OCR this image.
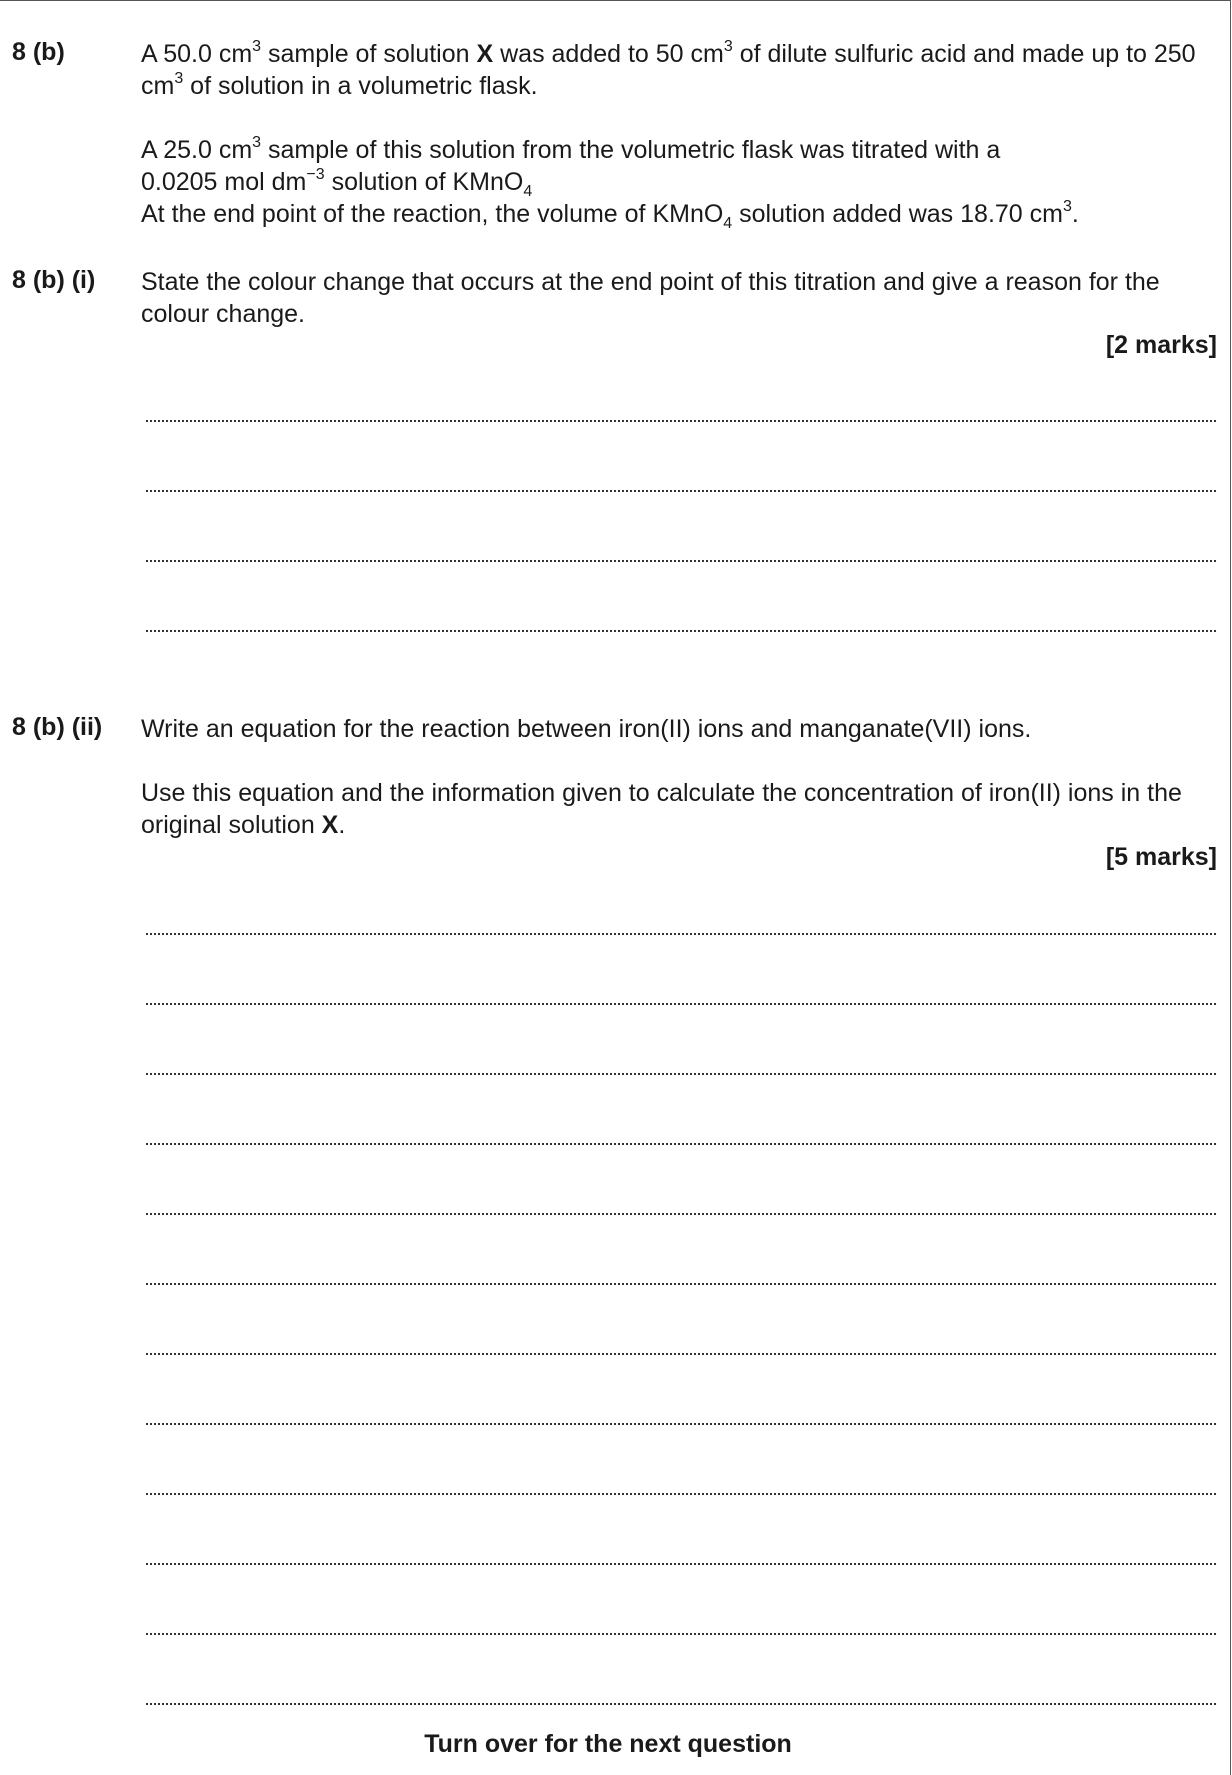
8 (b)	A 50.0 $cm^3$ sample of solution X was added to 50 $cm^3$ of dilute sulfuric acid and made up to 250 $cm^3$ of solution in a volumetric flask.
A 25.0 $cm^3$ sample of this solution from the volumetric flask was titrated with a
0.0205 mol $dm^{-3}$ solution of KMnO$_4$
At the end point of the reaction, the volume of KMnO$_4$ solution added was 18.70 $cm^3$.
8 (b) (i) State the colour change that occurs at the end point of this titration and give a reason for the colour change.
[2 marks]
8 (b) (ii) Write an equation for the reaction between iron(II) ions and manganate(VII) ions.
Use this equation and the information given to calculate the concentration of iron(II) ions in the original solution X.
[5 marks]
Turn over for the next question
